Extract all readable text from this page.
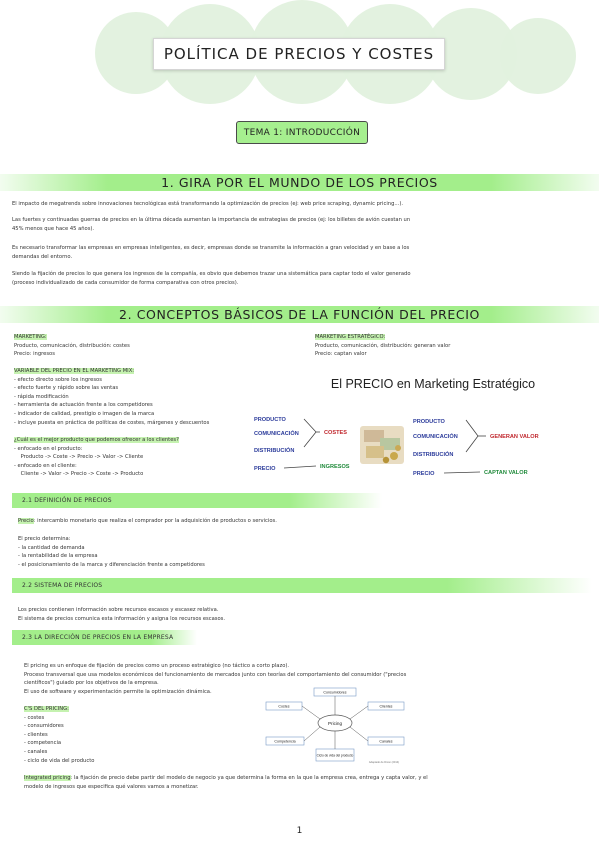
POLÍTICA DE PRECIOS Y COSTES
TEMA 1: INTRODUCCIÓN
1. GIRA POR EL MUNDO DE LOS PRECIOS

El impacto de megatrends sobre innovaciones tecnológicas está transformando la optimización de precios (ej: web price scraping, dynamic pricing...).

Las fuertes y continuadas guerras de precios en la última década aumentan la importancia de estrategias de precios (ej: los billetes de avión cuestan un 45% menos que hace 45 años).

Es necesario transformar las empresas en empresas inteligentes, es decir, empresas donde se transmite la información a gran velocidad y en base a los demandas del entorno.

Siendo la fijación de precios lo que genera los ingresos de la compañía, es obvio que debemos trazar una sistemática para captar todo el valor generado (proceso individualizado de cada consumidor de forma comparativa con otros precios).

2. CONCEPTOS BÁSICOS DE LA FUNCIÓN DEL PRECIO

MARKETING:

Producto, comunicación, distribución: costes

Precio: ingresos

MARKETING ESTRATÉGICO:

Producto, comunicación, distribución: generan valor

Precio: captan valor

VARIABLE DEL PRECIO EN EL MARKETING MIX:

- efecto directo sobre los ingresos

- efecto fuerte y rápido sobre las ventas

- rápida modificación

- herramienta de actuación frente a los competidores

- indicador de calidad, prestigio o imagen de la marca

- incluye puesta en práctica de políticas de costes, márgenes y descuentos

¿Cuál es el mejor producto que podemos ofrecer a los clientes?

- enfocado en el producto:

Producto -> Coste -> Precio -> Valor -> Cliente

- enfocado en el cliente:

Cliente -> Valor -> Precio -> Coste -> Producto

El PRECIO en Marketing Estratégico
PRODUCTO
COMUNICACIÓN
DISTRIBUCIÓN
PRECIO
COSTES
INGRESOS
PRODUCTO
COMUNICACIÓN
DISTRIBUCIÓN
PRECIO
GENERAN VALOR
CAPTAN VALOR
2.1 DEFINICIÓN DE PRECIOS

Precio: intercambio monetario que realiza el comprador por la adquisición de productos o servicios.

El precio determina:

- la cantidad de demanda

- la rentabilidad de la empresa

- el posicionamiento de la marca y diferenciación frente a competidores

2.2 SISTEMA DE PRECIOS

Los precios contienen información sobre recursos escasos y escasez relativa.

El sistema de precios comunica esta información y asigna los recursos escasos.

2.3 LA DIRECCIÓN DE PRECIOS EN LA EMPRESA

El pricing es un enfoque de fijación de precios como un proceso estratégico (no táctico a corto plazo).

Proceso transversal que usa modelos económicos del funcionamiento de mercados junto con teorías del comportamiento del consumidor ("precios científicos") guiado por los objetivos de la empresa.

El uso de software y experimentación permite la optimización dinámica.

C'S DEL PRICING:

- costes

- consumidores

- clientes

- competencia

- canales

- ciclo de vida del producto

Pricing
Consumidores
Costes	Clientes
Competencia	Canales
Ciclo de vida del producto
Adaptado de Dixon (2014)

Integrated pricing: la fijación de precio debe partir del modelo de negocio ya que determina la forma en la que la empresa crea, entrega y capta valor, y el modelo de ingresos que especifica qué valores vamos a monetizar.

1
